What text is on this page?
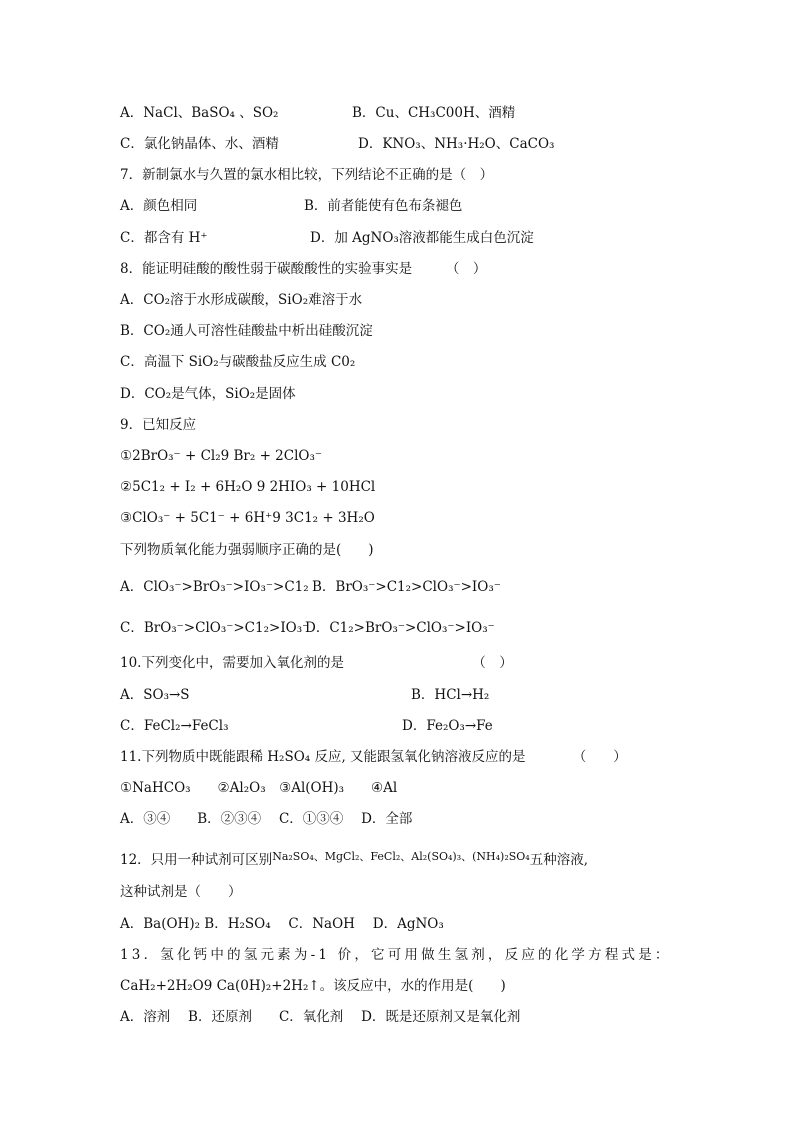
A．NaCl、BaSO₄ 、SO₂	B．Cu、CH₃C00H、酒精
C．氯化钠晶体、水、酒精	D．KNO₃、NH₃·H₂O、CaCO₃
7．新制氯水与久置的氯水相比较，下列结论不正确的是（　）
A．颜色相同	B．前者能使有色布条褪色
C．都含有 H⁺	D．加 AgNO₃溶液都能生成白色沉淀
8．能证明硅酸的酸性弱于碳酸酸性的实验事实是　　　（　）
A．CO₂溶于水形成碳酸，SiO₂难溶于水
B．CO₂通人可溶性硅酸盐中析出硅酸沉淀
C．高温下 SiO₂与碳酸盐反应生成 C0₂
D．CO₂是气体，SiO₂是固体
9．已知反应
①2BrO₃⁻ + Cl₂9 Br₂ + 2ClO₃⁻
②5C1₂ + I₂ + 6H₂O 9 2HIO₃ + 10HCl
③ClO₃⁻ + 5C1⁻ + 6H⁺9 3C1₂ + 3H₂O
下列物质氧化能力强弱顺序正确的是(　　)
A．ClO₃⁻>BrO₃⁻>IO₃⁻>C1₂ B．BrO₃⁻>C1₂>ClO₃⁻>IO₃⁻
C．BrO₃⁻>ClO₃⁻>C1₂>IO₃⁻
D．C1₂>BrO₃⁻>ClO₃⁻>IO₃⁻
10.下列变化中，需要加入氧化剂的是　　　　　　　　　　（　）
A．SO₃→S	B．HCl→H₂
C．FeCl₂→FeCl₃	D．Fe₂O₃→Fe
11.下列物质中既能跟稀 H₂SO₄ 反应, 又能跟氢氧化钠溶液反应的是　　　　（　　）
①NaHCO₃　　②Al₂O₃　③Al(OH)₃　　④Al
A．③④　　B．②③④　 C．①③④　 D．全部
12．只用一种试剂可区别$^{Na_2SO_4、MgCl_2、FeCl_2、Al_2(SO_4)_3、(NH_4)_2SO_4}$五种溶液,
这种试剂是（　　）
A．Ba(OH)₂ B．H₂SO₄　 C．NaOH　 D．AgNO₃
13．氢化钙中的氢元素为-1 价，它可用做生氢剂，反应的化学方程式是：
CaH₂+2H₂O9 Ca(0H)₂+2H₂↑。该反应中，水的作用是(　　)
A．溶剂　 B．还原剂　　C．氧化剂　 D．既是还原剂又是氧化剂
